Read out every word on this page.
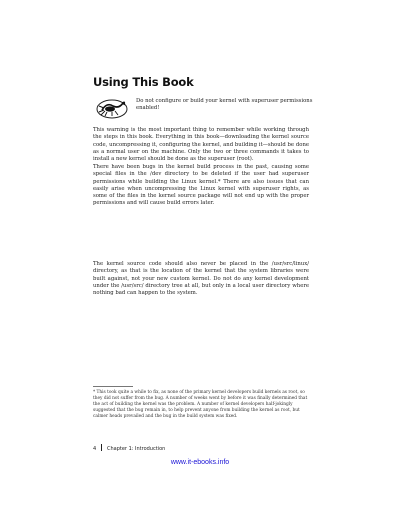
Using This Book
Do not configure or build your kernel with superuser permissions enabled!
This warning is the most important thing to remember while working through the steps in this book. Everything in this book—downloading the kernel source code, uncompressing it, configuring the kernel, and building it—should be done as a normal user on the machine. Only the two or three commands it takes to install a new kernel should be done as the superuser (root).
There have been bugs in the kernel build process in the past, causing some special files in the /dev directory to be deleted if the user had superuser permissions while building the Linux kernel.* There are also issues that can easily arise when uncompressing the Linux kernel with superuser rights, as some of the files in the kernel source package will not end up with the proper permissions and will cause build errors later.
The kernel source code should also never be placed in the /usr/src/linux/ directory, as that is the location of the kernel that the system libraries were built against, not your new custom kernel. Do not do any kernel development under the /usr/src/ directory tree at all, but only in a local user directory where nothing bad can happen to the system.
* This took quite a while to fix, as none of the primary kernel developers build kernels as root, so they did not suffer from the bug. A number of weeks went by before it was finally determined that the act of building the kernel was the problem. A number of kernel developers half-jokingly suggested that the bug remain in, to help prevent anyone from building the kernel as root, but calmer heads prevailed and the bug in the build system was fixed.
4 Chapter 1: Introduction
www.it-ebooks.info
